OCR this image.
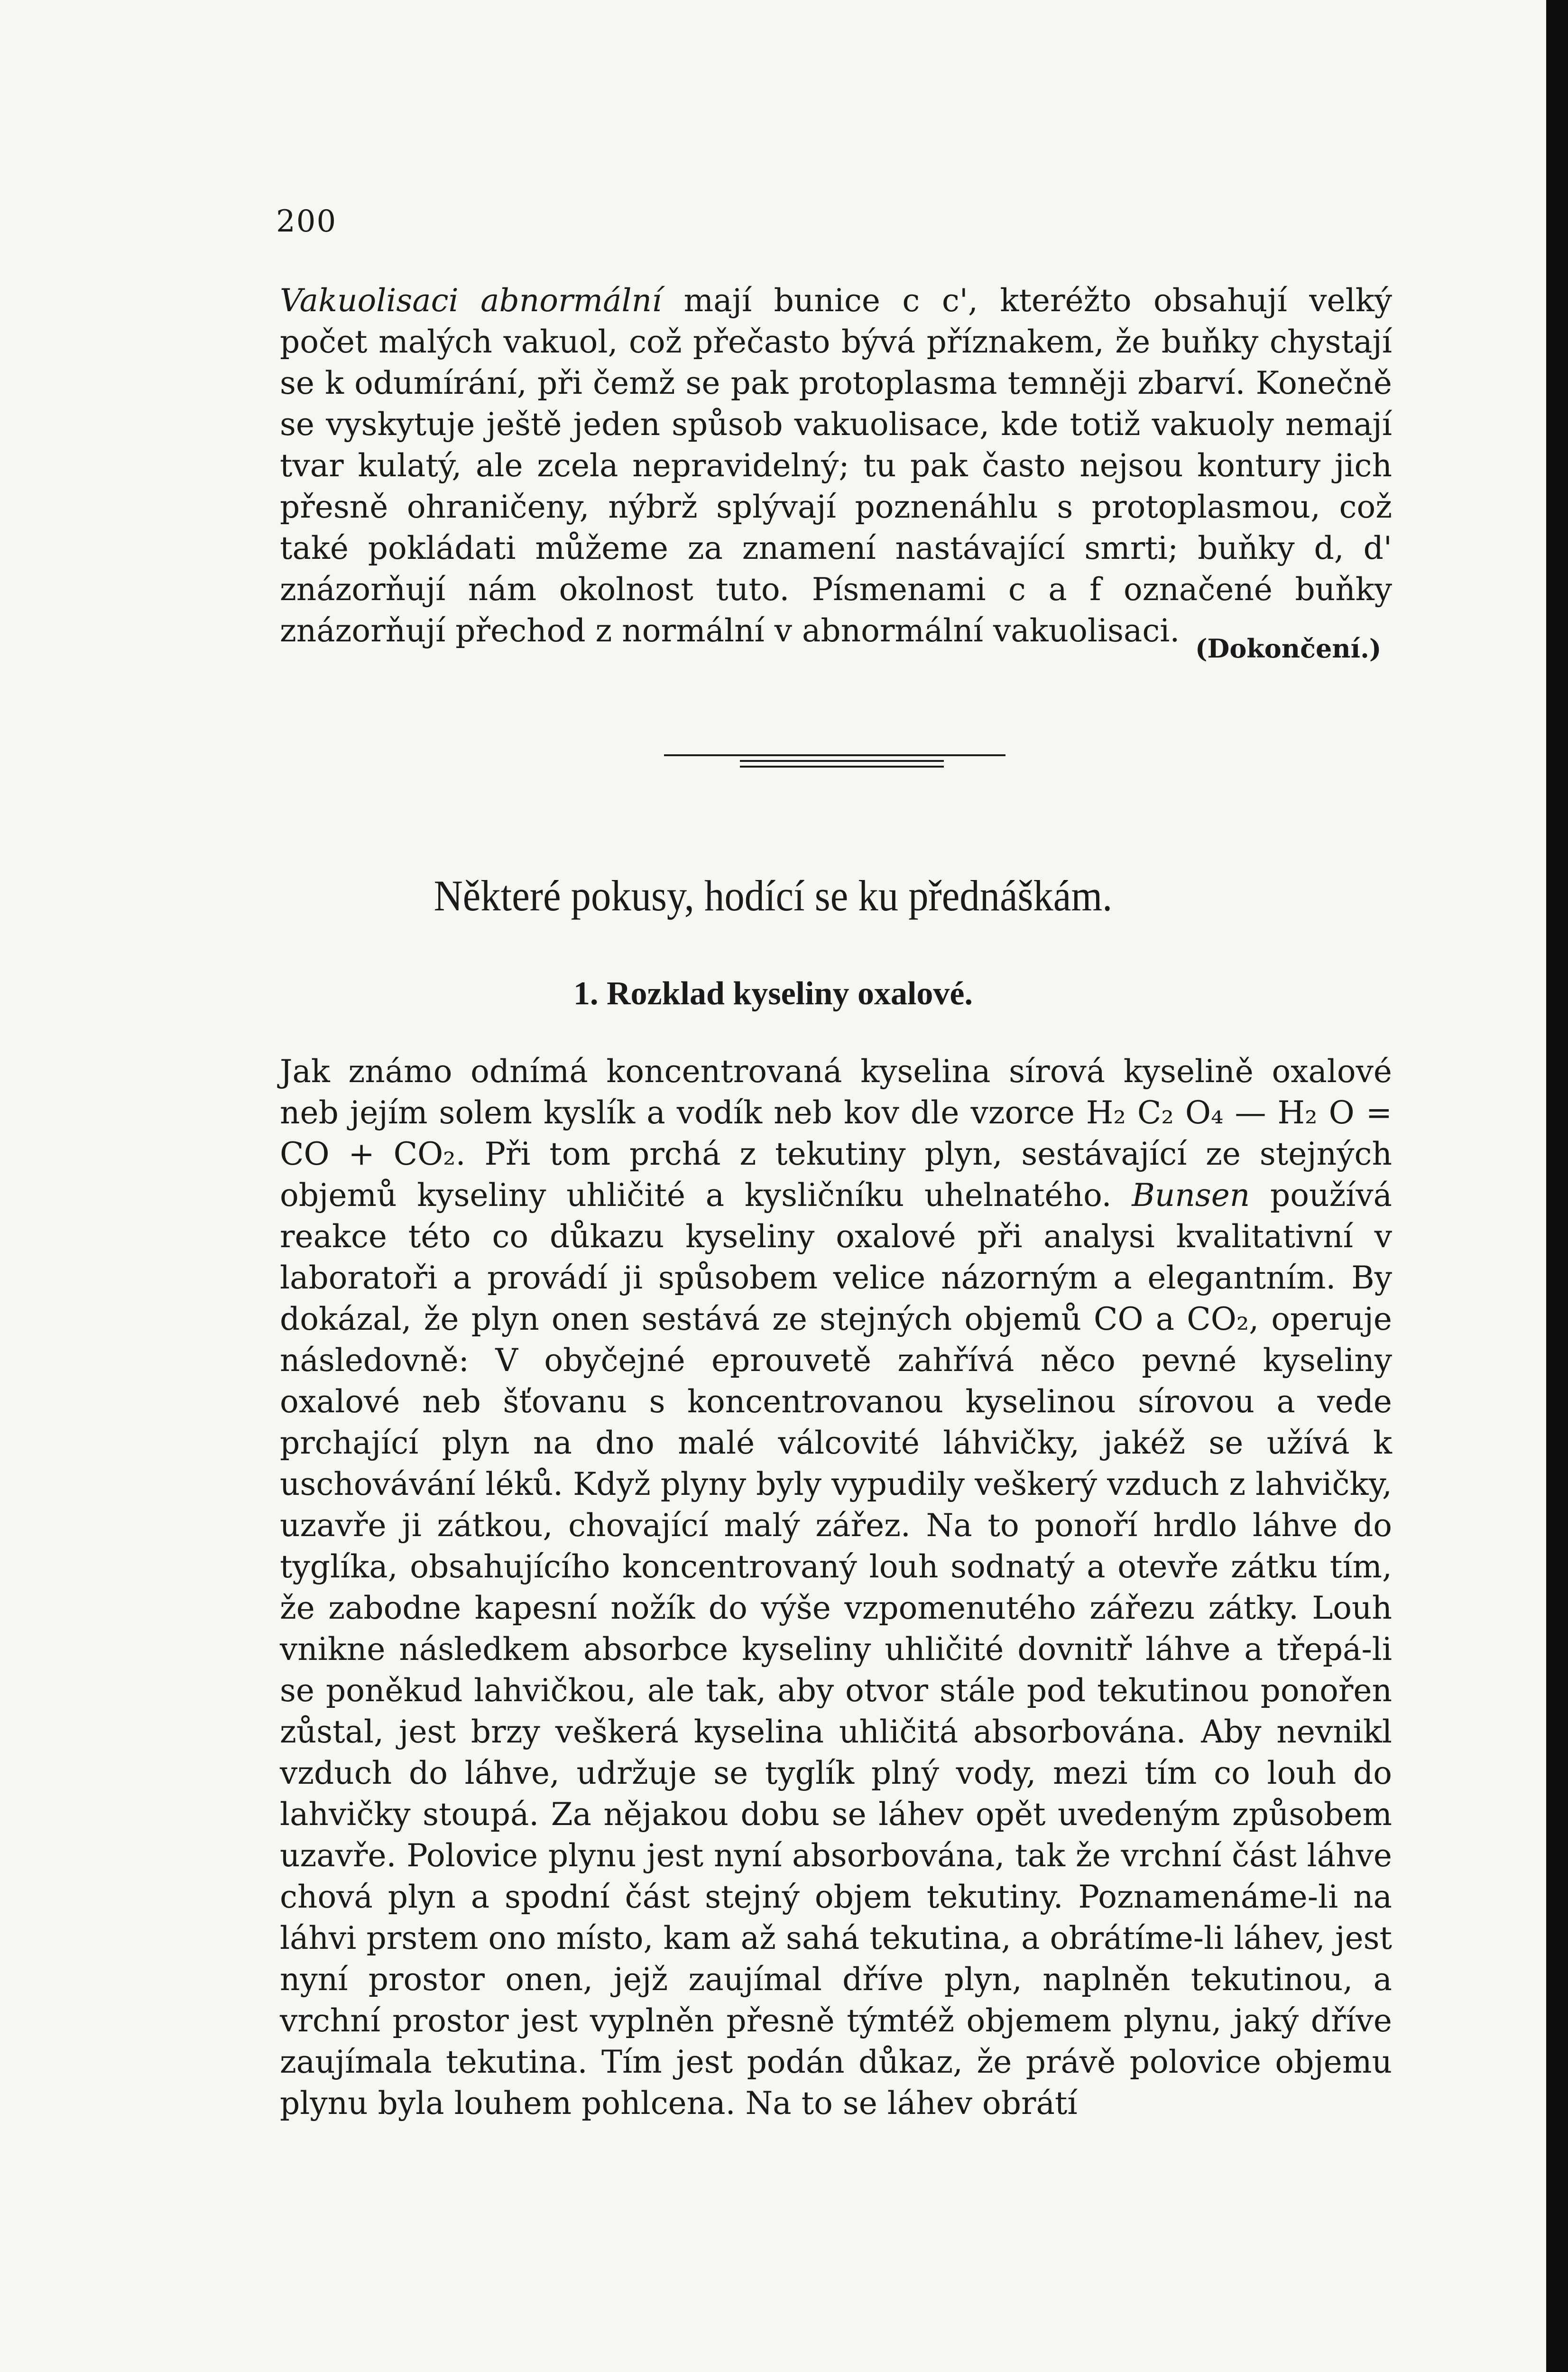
200

Vakuolisaci abnormální mají bunice c c', kteréžto obsahují velký počet malých vakuol, což přečasto bývá příznakem, že buňky chystají se k odumírání, při čemž se pak protoplasma temněji zbarví. Konečně se vyskytuje ještě jeden spůsob vakuolisace, kde totiž vakuoly nemají tvar kulatý, ale zcela nepravidelný; tu pak často nejsou kontury jich přesně ohraničeny, nýbrž splývají poznenáhlu s protoplasmou, což také pokládati můžeme za znamení nastávající smrti; buňky d, d' znázorňují nám okolnost tuto. Písmenami c a f označené buňky znázorňují přechod z normální v abnormální vakuolisaci. (Dokončení.)
Některé pokusy, hodící se ku přednáškám.
1. Rozklad kyseliny oxalové.

Jak známo odnímá koncentrovaná kyselina sírová kyselině oxalové neb jejím solem kyslík a vodík neb kov dle vzorce H₂ C₂ O₄ — H₂ O = CO + CO₂. Při tom prchá z tekutiny plyn, sestávající ze stejných objemů kyseliny uhličité a kysličníku uhelnatého. Bunsen používá reakce této co důkazu kyseliny oxalové při analysi kvalitativní v laboratoři a provádí ji spůsobem velice názorným a elegantním. By dokázal, že plyn onen sestává ze stejných objemů CO a CO₂, operuje následovně: V obyčejné eprouvetě zahřívá něco pevné kyseliny oxalové neb šťovanu s koncentrovanou kyselinou sírovou a vede prchající plyn na dno malé válcovité láhvičky, jakéž se užívá k uschovávání léků. Když plyny byly vypudily veškerý vzduch z lahvičky, uzavře ji zátkou, chovající malý zářez. Na to ponoří hrdlo láhve do tyglíka, obsahujícího koncentrovaný louh sodnatý a otevře zátku tím, že zabodne kapesní nožík do výše vzpomenutého zářezu zátky. Louh vnikne následkem absorbce kyseliny uhličité dovnitř láhve a třepá-li se poněkud lahvičkou, ale tak, aby otvor stále pod tekutinou ponořen zůstal, jest brzy veškerá kyselina uhličitá absorbována. Aby nevnikl vzduch do láhve, udržuje se tyglík plný vody, mezi tím co louh do lahvičky stoupá. Za nějakou dobu se láhev opět uvedeným způsobem uzavře. Polovice plynu jest nyní absorbována, tak že vrchní část láhve chová plyn a spodní část stejný objem tekutiny. Poznamenáme-li na láhvi prstem ono místo, kam až sahá tekutina, a obrátíme-li láhev, jest nyní prostor onen, jejž zaujímal dříve plyn, naplněn tekutinou, a vrchní prostor jest vyplněn přesně týmtéž objemem plynu, jaký dříve zaujímala tekutina. Tím jest podán důkaz, že právě polovice objemu plynu byla louhem pohlcena. Na to se láhev obrátí
